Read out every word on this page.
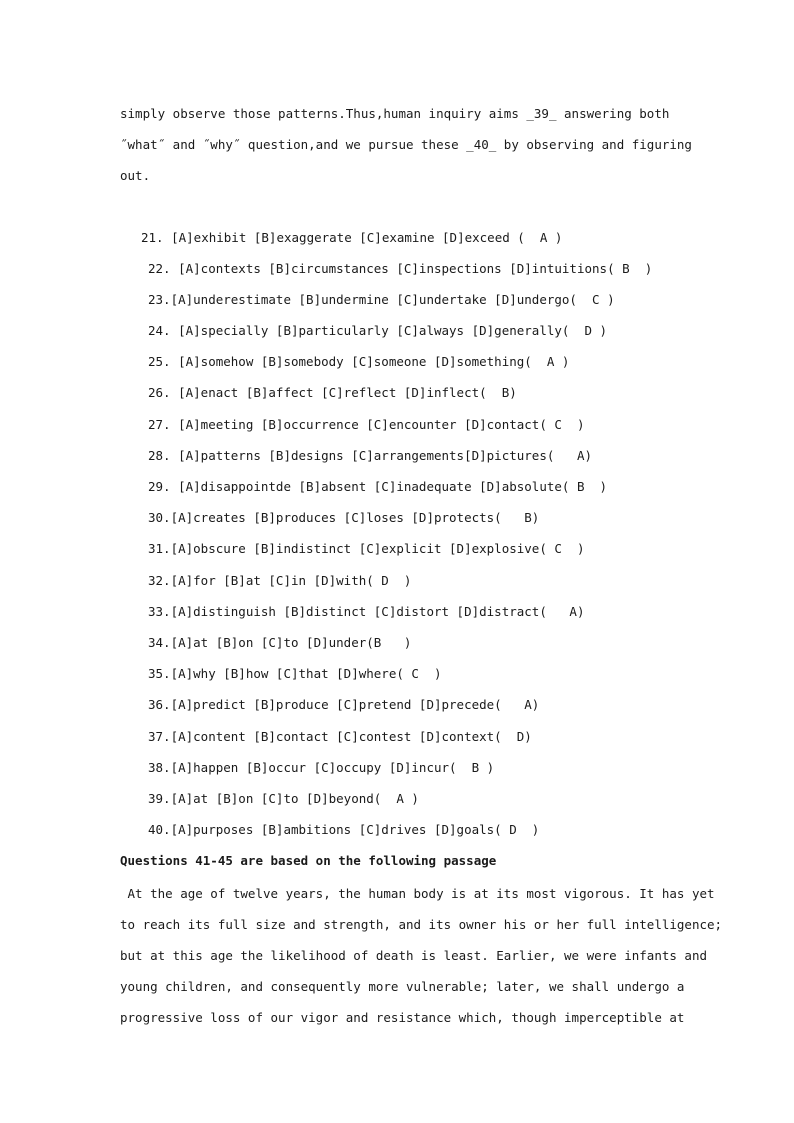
simply observe those patterns.Thus,human inquiry aims _39_ answering both
˝what˝ and ˝why˝ question,and we pursue these _40_ by observing and figuring
out.
21. [A]exhibit [B]exaggerate [C]examine [D]exceed (  A )
22. [A]contexts [B]circumstances [C]inspections [D]intuitions( B  )
23.[A]underestimate [B]undermine [C]undertake [D]undergo(  C )
24. [A]specially [B]particularly [C]always [D]generally(  D )
25. [A]somehow [B]somebody [C]someone [D]something(  A )
26. [A]enact [B]affect [C]reflect [D]inflect(  B)
27. [A]meeting [B]occurrence [C]encounter [D]contact( C  )
28. [A]patterns [B]designs [C]arrangements[D]pictures(   A)
29. [A]disappointde [B]absent [C]inadequate [D]absolute( B  )
30.[A]creates [B]produces [C]loses [D]protects(   B)
31.[A]obscure [B]indistinct [C]explicit [D]explosive( C  )
32.[A]for [B]at [C]in [D]with( D  )
33.[A]distinguish [B]distinct [C]distort [D]distract(   A)
34.[A]at [B]on [C]to [D]under(B   )
35.[A]why [B]how [C]that [D]where( C  )
36.[A]predict [B]produce [C]pretend [D]precede(   A)
37.[A]content [B]contact [C]contest [D]context(  D)
38.[A]happen [B]occur [C]occupy [D]incur(  B )
39.[A]at [B]on [C]to [D]beyond(  A )
40.[A]purposes [B]ambitions [C]drives [D]goals( D  )
Questions 41-45 are based on the following passage
At the age of twelve years, the human body is at its most vigorous. It has yet
to reach its full size and strength, and its owner his or her full intelligence;
but at this age the likelihood of death is least. Earlier, we were infants and
young children, and consequently more vulnerable; later, we shall undergo a
progressive loss of our vigor and resistance which, though imperceptible at
